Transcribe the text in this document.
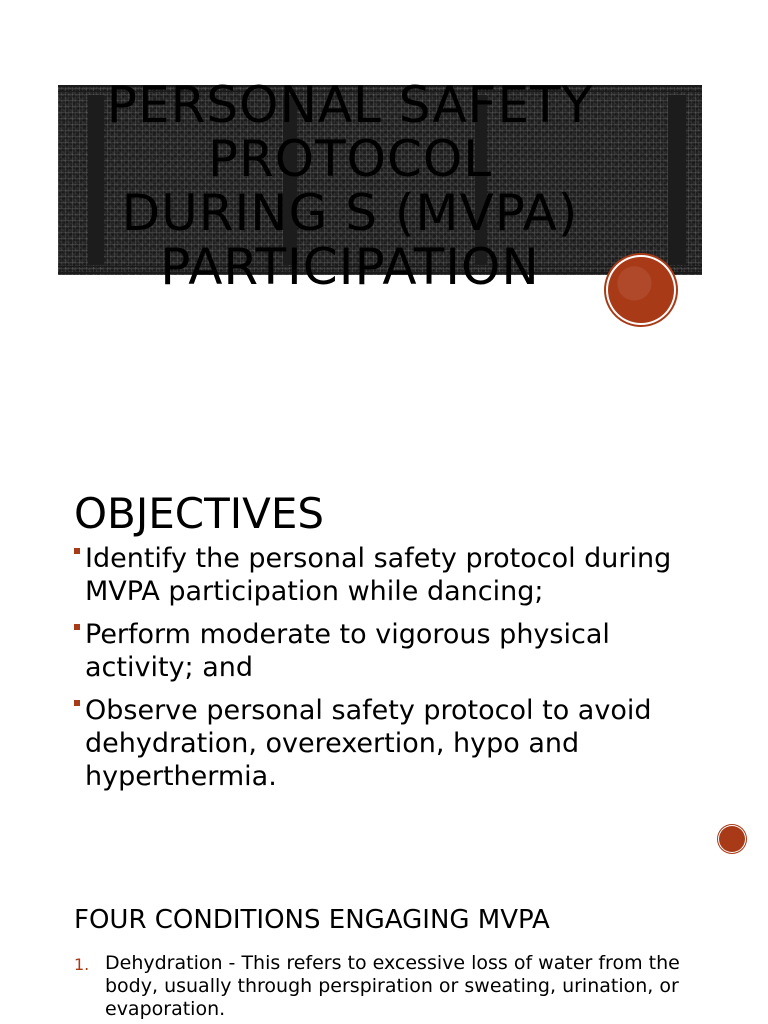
PERSONAL SAFETY
PROTOCOL
DURING S (MVPA)
PARTICIPATION
OBJECTIVES
Identify the personal safety protocol during MVPA participation while dancing;
Perform moderate to vigorous physical activity; and
Observe personal safety protocol to avoid dehydration, overexertion, hypo and hyperthermia.
FOUR CONDITIONS ENGAGING MVPA
1. Dehydration - This refers to excessive loss of water from the body, usually through perspiration or sweating, urination, or evaporation.
